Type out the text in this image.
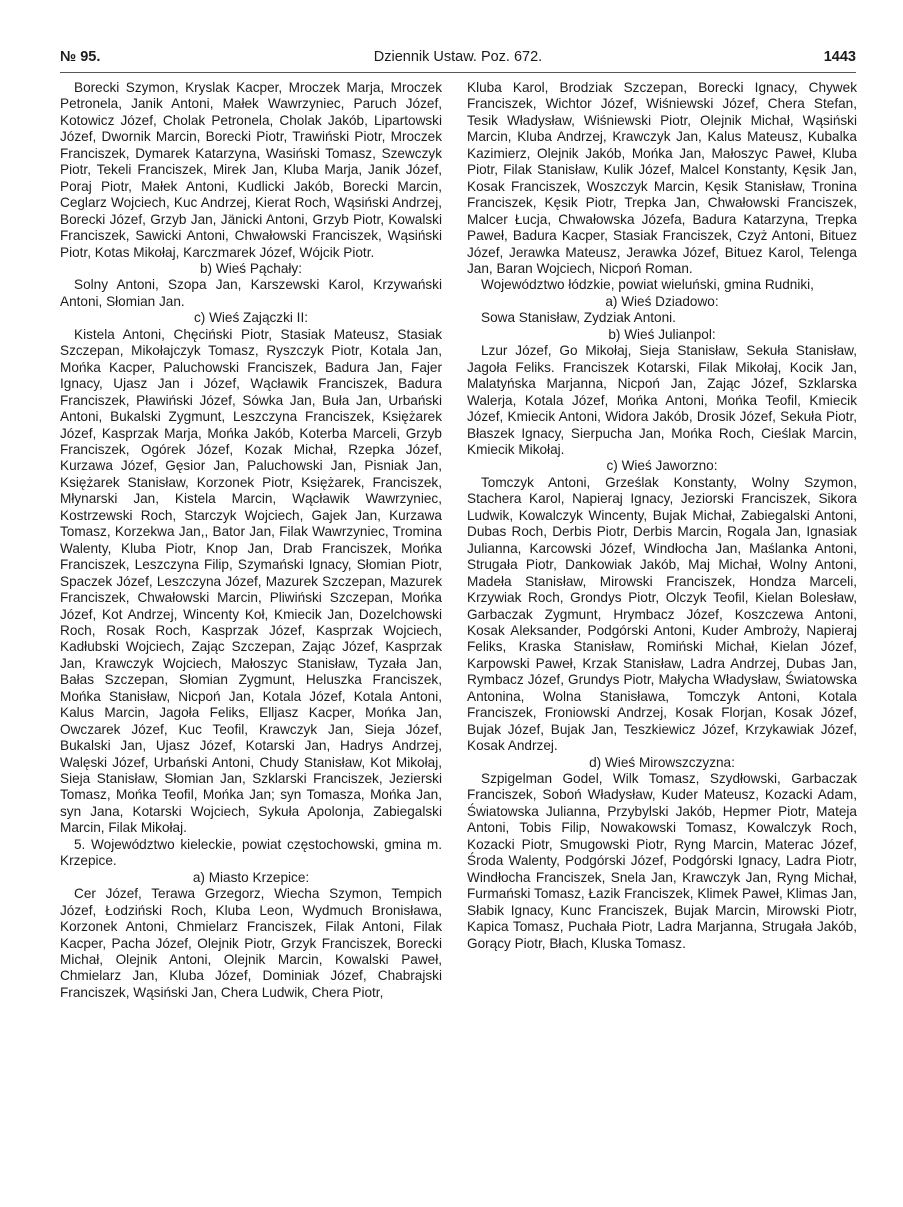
№ 95.	Dziennik Ustaw. Poz. 672.	1443

Borecki Szymon, Kryslak Kacper, Mroczek Marja, Mroczek Petronela, Janik Antoni, Małek Wawrzyniec, Paruch Józef, Kotowicz Józef, Cholak Petronela, Cholak Jakób, Lipartowski Józef, Dwornik Marcin, Borecki Piotr, Trawiński Piotr, Mroczek Franciszek, Dymarek Katarzyna, Wasiński Tomasz, Szewczyk Piotr, Tekeli Franciszek, Mirek Jan, Kluba Marja, Janik Józef, Poraj Piotr, Małek Antoni, Kudlicki Jakób, Borecki Marcin, Ceglarz Wojciech, Kuc Andrzej, Kierat Roch, Wąsiński Andrzej, Borecki Józef, Grzyb Jan, Jänicki Antoni, Grzyb Piotr, Kowalski Franciszek, Sawicki Antoni, Chwałowski Franciszek, Wąsiński Piotr, Kotas Mikołaj, Karczmarek Józef, Wójcik Piotr.

b) Wieś Pąchały:

Solny Antoni, Szopa Jan, Karszewski Karol, Krzywański Antoni, Słomian Jan.

c) Wieś Zajączki II:

Kistela Antoni, Chęciński Piotr, Stasiak Mateusz, Stasiak Szczepan, Mikołajczyk Tomasz, Ryszczyk Piotr, Kotala Jan, Mońka Kacper, Paluchowski Franciszek, Badura Jan, Fajer Ignacy, Ujasz Jan i Józef, Wącławik Franciszek, Badura Franciszek, Pławiński Józef, Sówka Jan, Buła Jan, Urbański Antoni, Bukalski Zygmunt, Leszczyna Franciszek, Księżarek Józef, Kasprzak Marja, Mońka Jakób, Koterba Marceli, Grzyb Franciszek, Ogórek Józef, Kozak Michał, Rzepka Józef, Kurzawa Józef, Gęsior Jan, Paluchowski Jan, Pisniak Jan, Księżarek Stanisław, Korzonek Piotr, Księżarek, Franciszek, Młynarski Jan, Kistela Marcin, Wącławik Wawrzyniec, Kostrzewski Roch, Starczyk Wojciech, Gajek Jan, Kurzawa Tomasz, Korzekwa Jan,, Bator Jan, Filak Wawrzyniec, Tromina Walenty, Kluba Piotr, Knop Jan, Drab Franciszek, Mońka Franciszek, Leszczyna Filip, Szymański Ignacy, Słomian Piotr, Spaczek Józef, Leszczyna Józef, Mazurek Szczepan, Mazurek Franciszek, Chwałowski Marcin, Pliwiński Szczepan, Mońka Józef, Kot Andrzej, Wincenty Koł, Kmiecik Jan, Dozelchowski Roch, Rosak Roch, Kasprzak Józef, Kasprzak Wojciech, Kadłubski Wojciech, Zając Szczepan, Zając Józef, Kasprzak Jan, Krawczyk Wojciech, Małoszyc Stanisław, Tyzała Jan, Bałas Szczepan, Słomian Zygmunt, Heluszka Franciszek, Mońka Stanisław, Nicpoń Jan, Kotala Józef, Kotala Antoni, Kalus Marcin, Jagoła Feliks, Elljasz Kacper, Mońka Jan, Owczarek Józef, Kuc Teofil, Krawczyk Jan, Sieja Józef, Bukalski Jan, Ujasz Józef, Kotarski Jan, Hadrys Andrzej, Walęski Józef, Urbański Antoni, Chudy Stanisław, Kot Mikołaj, Sieja Stanisław, Słomian Jan, Szklarski Franciszek, Jezierski Tomasz, Mońka Teofil, Mońka Jan; syn Tomasza, Mońka Jan, syn Jana, Kotarski Wojciech, Sykuła Apolonja, Zabiegalski Marcin, Filak Mikołaj.

5. Województwo kieleckie, powiat częstochowski, gmina m. Krzepice.

a) Miasto Krzepice:

Cer Józef, Terawa Grzegorz, Wiecha Szymon, Tempich Józef, Łodziński Roch, Kluba Leon, Wydmuch Bronisława, Korzonek Antoni, Chmielarz Franciszek, Filak Antoni, Filak Kacper, Pacha Józef, Olejnik Piotr, Grzyk Franciszek, Borecki Michał, Olejnik Antoni, Olejnik Marcin, Kowalski Paweł, Chmielarz Jan, Kluba Józef, Dominiak Józef, Chabrajski Franciszek, Wąsiński Jan, Chera Ludwik, Chera Piotr,

Kluba Karol, Brodziak Szczepan, Borecki Ignacy, Chywek Franciszek, Wichtor Józef, Wiśniewski Józef, Chera Stefan, Tesik Władysław, Wiśniewski Piotr, Olejnik Michał, Wąsiński Marcin, Kluba Andrzej, Krawczyk Jan, Kalus Mateusz, Kubalka Kazimierz, Olejnik Jakób, Mońka Jan, Małoszyc Paweł, Kluba Piotr, Filak Stanisław, Kulik Józef, Malcel Konstanty, Kęsik Jan, Kosak Franciszek, Woszczyk Marcin, Kęsik Stanisław, Tronina Franciszek, Kęsik Piotr, Trepka Jan, Chwałowski Franciszek, Malcer Łucja, Chwałowska Józefa, Badura Katarzyna, Trepka Paweł, Badura Kacper, Stasiak Franciszek, Czyż Antoni, Bituez Józef, Jerawka Mateusz, Jerawka Józef, Bituez Karol, Telenga Jan, Baran Wojciech, Nicpoń Roman.

Województwo łódzkie, powiat wieluński, gmina Rudniki,

a) Wieś Dziadowo:

Sowa Stanisław, Zydziak Antoni.

b) Wieś Julianpol:

Lzur Józef, Go Mikołaj, Sieja Stanisław, Sekuła Stanisław, Jagoła Feliks. Franciszek Kotarski, Filak Mikołaj, Kocik Jan, Malatyńska Marjanna, Nicpoń Jan, Zając Józef, Szklarska Walerja, Kotala Józef, Mońka Antoni, Mońka Teofil, Kmiecik Józef, Kmiecik Antoni, Widora Jakób, Drosik Józef, Sekuła Piotr, Błaszek Ignacy, Sierpucha Jan, Mońka Roch, Cieślak Marcin, Kmiecik Mikołaj.

c) Wieś Jaworzno:

Tomczyk Antoni, Grześlak Konstanty, Wolny Szymon, Stachera Karol, Napieraj Ignacy, Jeziorski Franciszek, Sikora Ludwik, Kowalczyk Wincenty, Bujak Michał, Zabiegalski Antoni, Dubas Roch, Derbis Piotr, Derbis Marcin, Rogala Jan, Ignasiak Julianna, Karcowski Józef, Windłocha Jan, Maślanka Antoni, Strugała Piotr, Dankowiak Jakób, Maj Michał, Wolny Antoni, Madeła Stanisław, Mirowski Franciszek, Hondza Marceli, Krzywiak Roch, Grondys Piotr, Olczyk Teofil, Kielan Bolesław, Garbaczak Zygmunt, Hrymbacz Józef, Koszczewa Antoni, Kosak Aleksander, Podgórski Antoni, Kuder Ambroży, Napieraj Feliks, Kraska Stanisław, Romiński Michał, Kielan Józef, Karpowski Paweł, Krzak Stanisław, Ladra Andrzej, Dubas Jan, Rymbacz Józef, Grundys Piotr, Małycha Władysław, Światowska Antonina, Wolna Stanisława, Tomczyk Antoni, Kotala Franciszek, Froniowski Andrzej, Kosak Florjan, Kosak Józef, Bujak Józef, Bujak Jan, Teszkiewicz Józef, Krzykawiak Józef, Kosak Andrzej.

d) Wieś Mirowszczyzna:

Szpigelman Godel, Wilk Tomasz, Szydłowski, Garbaczak Franciszek, Soboń Władysław, Kuder Mateusz, Kozacki Adam, Światowska Julianna, Przybylski Jakób, Hepmer Piotr, Mateja Antoni, Tobis Filip, Nowakowski Tomasz, Kowalczyk Roch, Kozacki Piotr, Smugowski Piotr, Ryng Marcin, Materac Józef, Środa Walenty, Podgórski Józef, Podgórski Ignacy, Ladra Piotr, Windłocha Franciszek, Snela Jan, Krawczyk Jan, Ryng Michał, Furmański Tomasz, Łazik Franciszek, Klimek Paweł, Klimas Jan, Słabik Ignacy, Kunc Franciszek, Bujak Marcin, Mirowski Piotr, Kapica Tomasz, Puchała Piotr, Ladra Marjanna, Strugała Jakób, Gorący Piotr, Błach, Kluska Tomasz.
